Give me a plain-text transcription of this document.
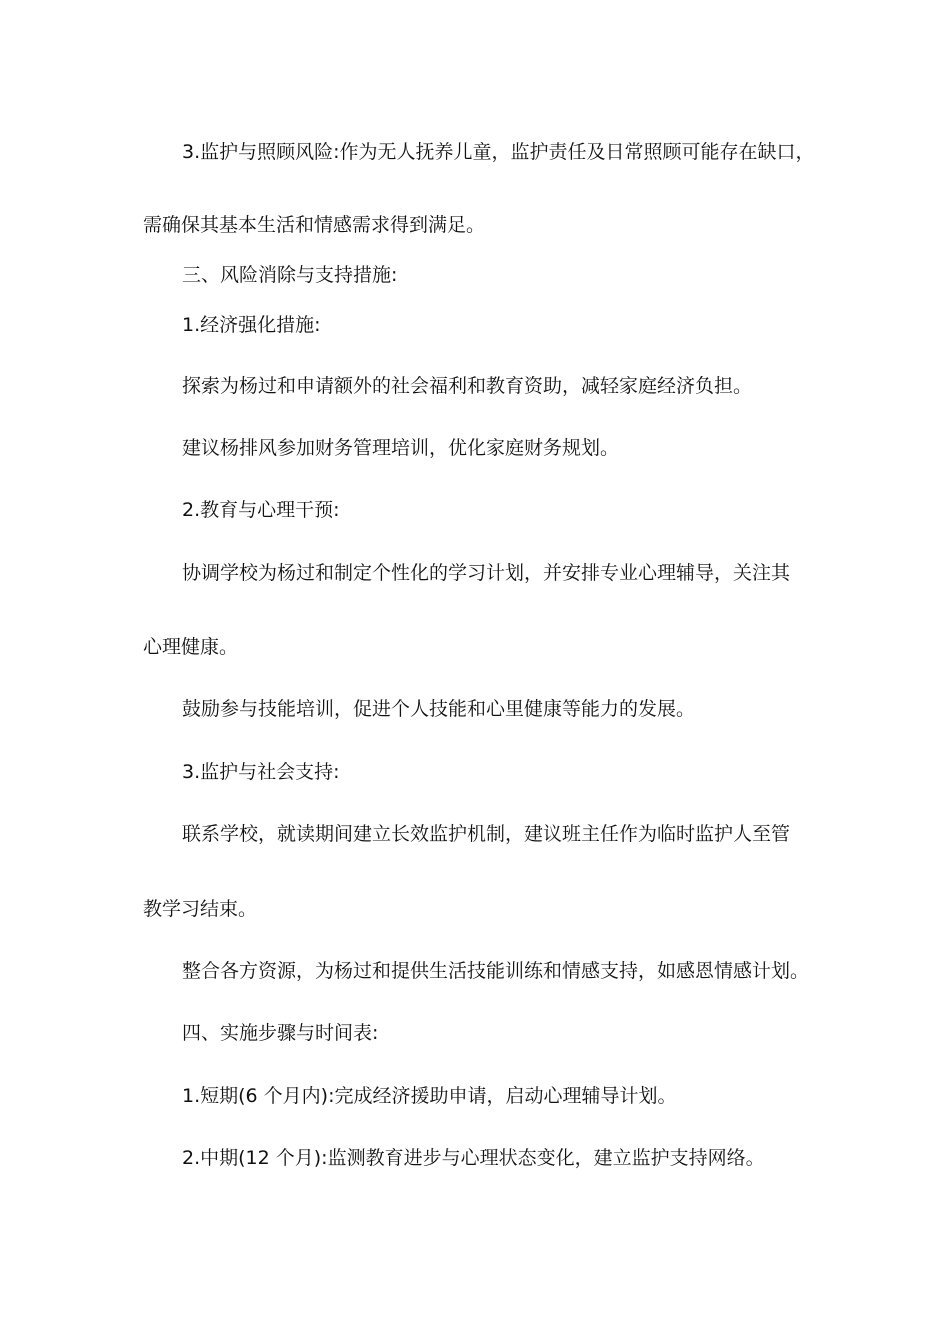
3.监护与照顾风险:作为无人抚养儿童，监护责任及日常照顾可能存在缺口，
需确保其基本生活和情感需求得到满足。
三、风险消除与支持措施:
1.经济强化措施:
探索为杨过和申请额外的社会福利和教育资助，减轻家庭经济负担。
建议杨排风参加财务管理培训，优化家庭财务规划。
2.教育与心理干预:
协调学校为杨过和制定个性化的学习计划，并安排专业心理辅导，关注其
心理健康。
鼓励参与技能培训，促进个人技能和心里健康等能力的发展。
3.监护与社会支持:
联系学校，就读期间建立长效监护机制，建议班主任作为临时监护人至管
教学习结束。
整合各方资源，为杨过和提供生活技能训练和情感支持，如感恩情感计划。
四、实施步骤与时间表:
1.短期(6 个月内):完成经济援助申请，启动心理辅导计划。
2.中期(12 个月):监测教育进步与心理状态变化，建立监护支持网络。
